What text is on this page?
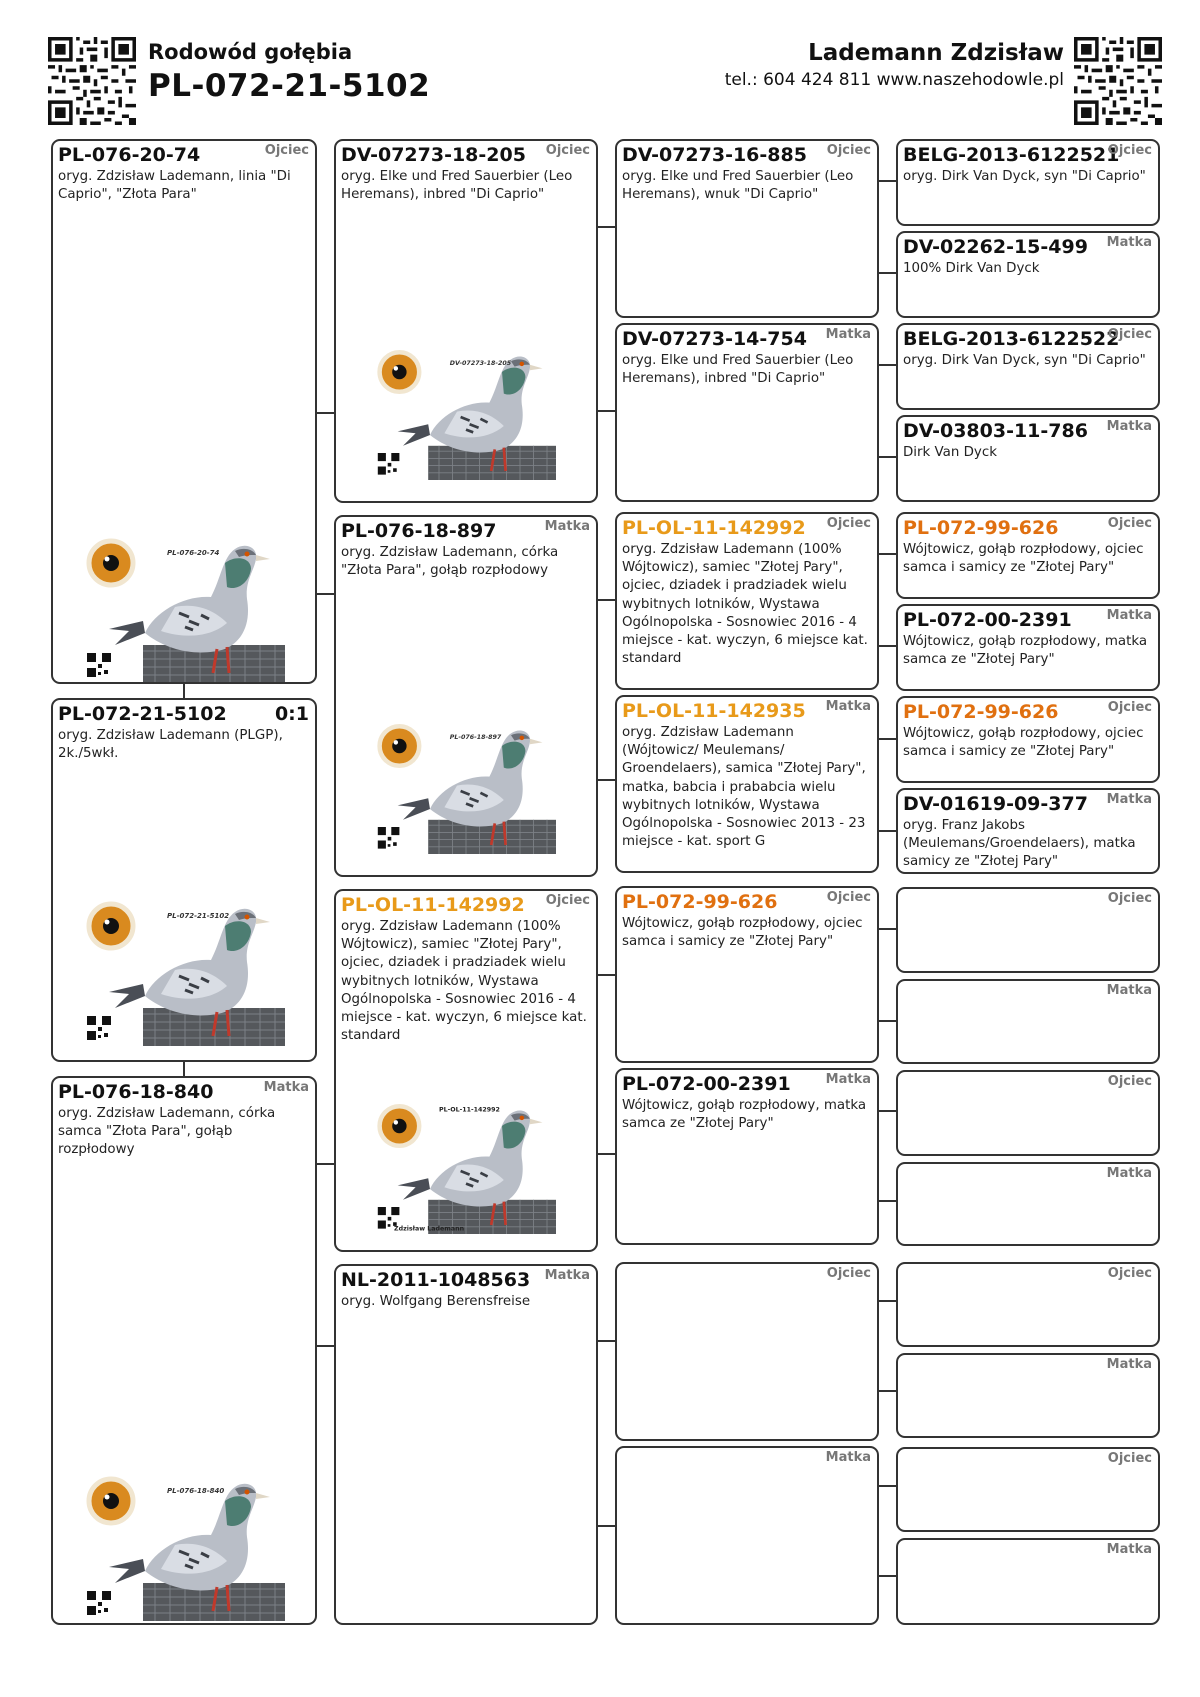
Rodowód gołębia
PL-072-21-5102
Lademann Zdzisław
tel.: 604 424 811 www.naszehodowle.pl
PL-076-20-74	Ojciec
oryg. Zdzisław Lademann, linia "Di Caprio", "Złota Para"
PL-076-20-74
PL-072-21-5102	0:1
oryg. Zdzisław Lademann (PLGP), 2k./5wkł.
PL-072-21-5102
PL-076-18-840	Matka
oryg. Zdzisław Lademann, córka samca "Złota Para", gołąb rozpłodowy
PL-076-18-840
DV-07273-18-205 Ojciec
oryg. Elke und Fred Sauerbier (Leo Heremans), inbred "Di Caprio"
DV-07273-18-205
PL-076-18-897	Matka
oryg. Zdzisław Lademann, córka "Złota Para", gołąb rozpłodowy
PL-076-18-897
PL-OL-11-142992 Ojciec
oryg. Zdzisław Lademann (100% Wójtowicz), samiec "Złotej Pary", ojciec, dziadek i pradziadek wielu wybitnych lotników, Wystawa Ogólnopolska - Sosnowiec 2016 - 4 miejsce - kat. wyczyn, 6 miejsce kat. standard
PL-OL-11-142992
Zdzisław Lademann
NL-2011-1048563 Matka
oryg. Wolfgang Berensfreise
DV-07273-16-885 Ojciec
oryg. Elke und Fred Sauerbier (Leo Heremans), wnuk "Di Caprio"
DV-07273-14-754 Matka
oryg. Elke und Fred Sauerbier (Leo Heremans), inbred "Di Caprio"
PL-OL-11-142992 Ojciec
oryg. Zdzisław Lademann (100% Wójtowicz), samiec "Złotej Pary", ojciec, dziadek i pradziadek wielu wybitnych lotników, Wystawa Ogólnopolska - Sosnowiec 2016 - 4 miejsce - kat. wyczyn, 6 miejsce kat. standard
PL-OL-11-142935 Matka
oryg. Zdzisław Lademann (Wójtowicz/ Meulemans/ Groendelaers), samica "Złotej Pary", matka, babcia i prababcia wielu wybitnych lotników, Wystawa Ogólnopolska - Sosnowiec 2013 - 23 miejsce - kat. sport G
PL-072-99-626	Ojciec
Wójtowicz, gołąb rozpłodowy, ojciec samca i samicy ze "Złotej Pary"
PL-072-00-2391	Matka
Wójtowicz, gołąb rozpłodowy, matka samca ze "Złotej Pary"
Ojciec
Matka
BELG-2013-6122521
Ojciec
oryg. Dirk Van Dyck, syn "Di Caprio"
DV-02262-15-499 Matka
100% Dirk Van Dyck
BELG-2013-6122522
Ojciec
oryg. Dirk Van Dyck, syn "Di Caprio"
DV-03803-11-786 Matka
Dirk Van Dyck
PL-072-99-626	Ojciec
Wójtowicz, gołąb rozpłodowy, ojciec samca i samicy ze "Złotej Pary"
PL-072-00-2391	Matka
Wójtowicz, gołąb rozpłodowy, matka samca ze "Złotej Pary"
PL-072-99-626	Ojciec
Wójtowicz, gołąb rozpłodowy, ojciec samca i samicy ze "Złotej Pary"
DV-01619-09-377 Matka
oryg. Franz Jakobs (Meulemans/Groendelaers), matka samicy ze "Złotej Pary"
Ojciec
Matka
Ojciec
Matka
Ojciec
Matka
Ojciec
Matka
